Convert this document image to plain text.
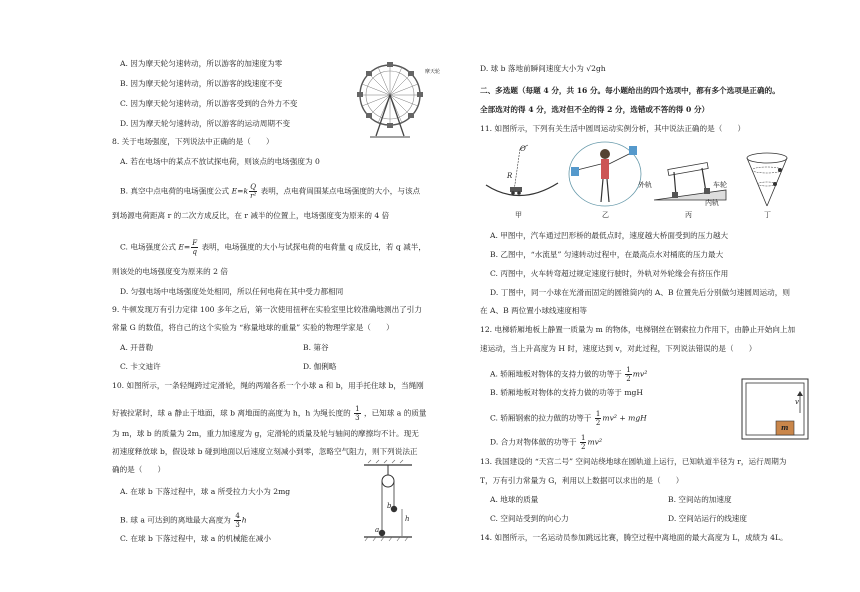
A. 因为摩天轮匀速转动，所以游客的加速度为零
B. 因为摩天轮匀速转动，所以游客的线速度不变
C. 因为摩天轮匀速转动，所以游客受到的合外力不变
D. 因为摩天轮匀速转动，所以游客的运动周期不变
摩天轮
8. 关于电场强度，下列说法中正确的是（　　）
A. 若在电场中的某点不放试探电荷，则该点的电场强度为 0
B. 真空中点电荷的电场强度公式 $E=k \frac{Q}{\text{r²}}$ 表明，点电荷周围某点电场强度的大小，与该点
到场源电荷距离 r 的二次方成反比，在 r 减半的位置上，电场强度变为原来的 4 倍
C. 电场强度公式 $E= \frac{F}{q}$ 表明，电场强度的大小与试探电荷的电荷量 q 成反比，若 q 减半，
则该处的电场强度变为原来的 2 倍
D. 匀强电场中电场强度处处相同，所以任何电荷在其中受力都相同
9. 牛顿发现万有引力定律 100 多年之后，第一次使用扭秤在实验室里比较准确地测出了引力
常量 G 的数值，将自己的这个实验为 “称量地球的重量” 实验的物理学家是（　　）
A. 开普勒	B. 第谷
C. 卡文迪许	D. 伽俐略
10. 如图所示，一条轻绳跨过定滑轮，绳的两端各系一个小球 a 和 b，用手托住球 b，当绳刚
好被拉紧时，球 a 静止于地面，球 b 离地面的高度为 h，h 为绳长度的 $\frac{1}{3}$ ，已知球 a 的质量
为 m，球 b 的质量为 2m，重力加速度为 g，定滑轮的质量及轮与轴间的摩擦均不计。现无
初速度释放球 b，假设球 b 碰到地面以后速度立刻减小到零，忽略空气阻力，则下列说法正
确的是（　　）
A. 在球 b 下落过程中，球 a 所受拉力大小为 2mg
B. 球 a 可达到的离地最大高度为 $\frac{4}{3}$ h
C. 在球 b 下落过程中，球 a 的机械能在减小
a
b
h
D. 球 b 落地前瞬间速度大小为 √2gh
二、多选题（每题 4 分，共 16 分。每小题给出的四个选项中，都有多个选项是正确的。
全部选对的得 4 分，选对但不全的得 2 分，选错或不答的得 0 分）
11. 如图所示，下列有关生活中圆周运动实例分析，其中说法正确的是（　　）
O
R
甲	乙
外轨	车轮
内轨
丙	丁
A. 甲图中，汽车通过凹形桥的最低点时，速度越大桥面受到的压力越大
B. 乙图中，“水流星” 匀速转动过程中，在最高点水对桶底的压力最大
C. 丙图中，火车转弯超过规定速度行驶时，外轨对外轮缘会有挤压作用
D. 丁图中，同一小球在光滑而固定的圆锥筒内的 A、B 位置先后分别做匀速圆周运动，则
在 A、B 两位置小球线速度相等
12. 电梯轿厢地板上静置一质量为 m 的物体，电梯钢丝在钢索拉力作用下，由静止开始向上加
速运动，当上升高度为 H 时，速度达到 v，对此过程，下列说法错误的是（　　）
A. 轿厢地板对物体的支持力做的功等于 $\frac{1}{2} mv^2$
B. 轿厢地板对物体的支持力做的功等于 mgH
C. 轿厢钢索的拉力做的功等于 $\frac{1}{2} mv^2$ + mgH
D. 合力对物体做的功等于 $\frac{1}{2} mv^2$
m
v
13. 我国建设的 “天宫二号” 空间站绕地球在圆轨道上运行，已知轨道半径为 r，运行周期为
T，万有引力常量为 G，利用以上数据可以求出的是（　　）
A. 地球的质量	B. 空间站的加速度
C. 空间站受到的向心力	D. 空间站运行的线速度
14. 如图所示，一名运动员参加跳远比赛，腾空过程中离地面的最大高度为 L，成绩为 4L。
